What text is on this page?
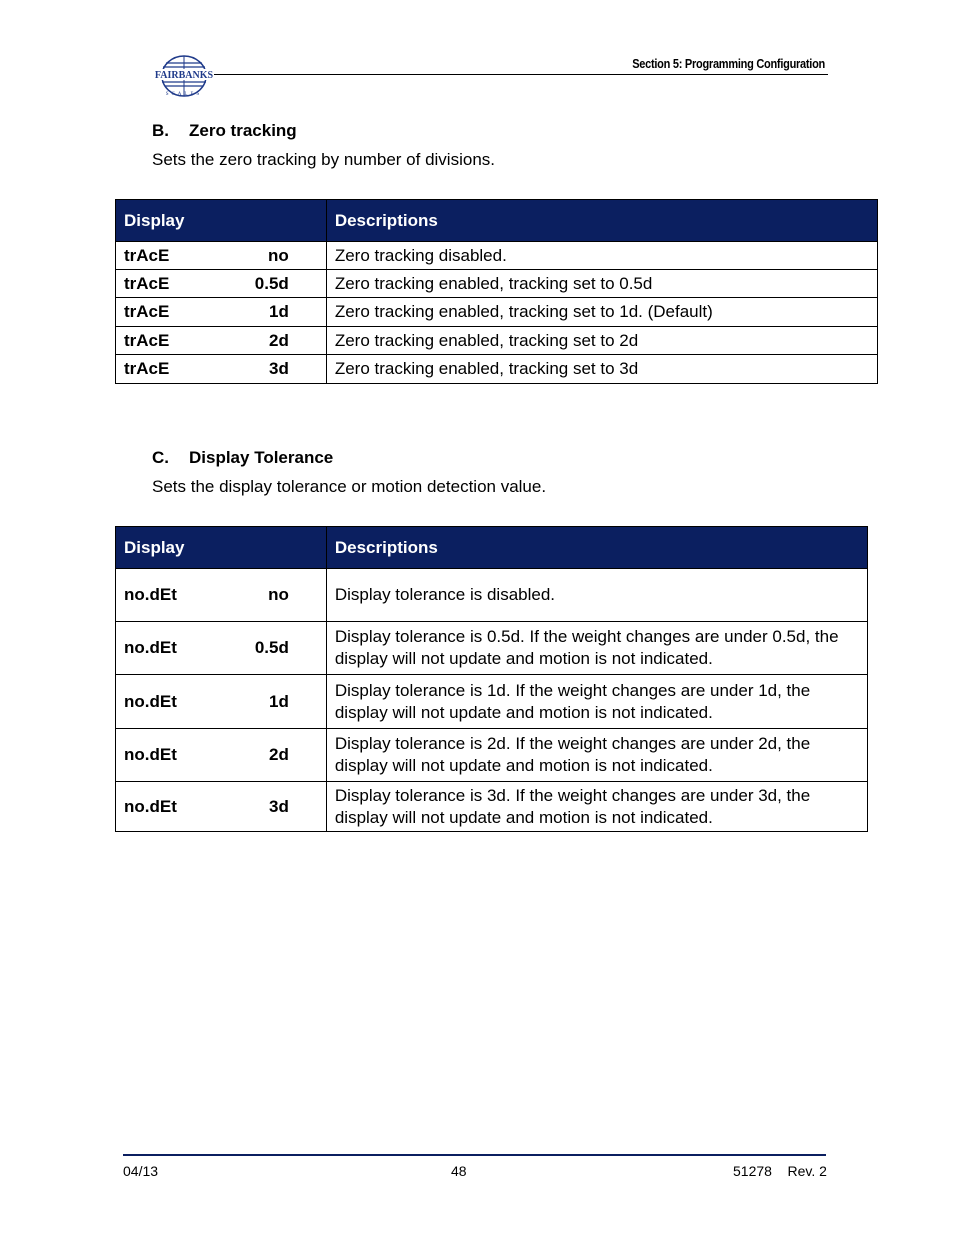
FAIRBANKS
SCALES
Section 5: Programming Configuration
B. Zero tracking
Sets the zero tracking by number of divisions.
Display	Descriptions

trAcE no	Zero tracking disabled.

trAcE 0.5d	Zero tracking enabled, tracking set to 0.5d

trAcE 1d	Zero tracking enabled, tracking set to 1d. (Default)

trAcE 2d	Zero tracking enabled, tracking set to 2d

trAcE 3d	Zero tracking enabled, tracking set to 3d
C. Display Tolerance
Sets the display tolerance or motion detection value.
Display	Descriptions

no.dEt no	Display tolerance is disabled.

no.dEt 0.5d	Display tolerance is 0.5d. If the weight changes are under 0.5d, the display will not update and motion is not indicated.

no.dEt 1d	Display tolerance is 1d. If the weight changes are under 1d, the display will not update and motion is not indicated.

no.dEt 2d	Display tolerance is 2d. If the weight changes are under 2d, the display will not update and motion is not indicated.

no.dEt 3d	Display tolerance is 3d. If the weight changes are under 3d, the display will not update and motion is not indicated.
04/13	48	51278 Rev. 2
